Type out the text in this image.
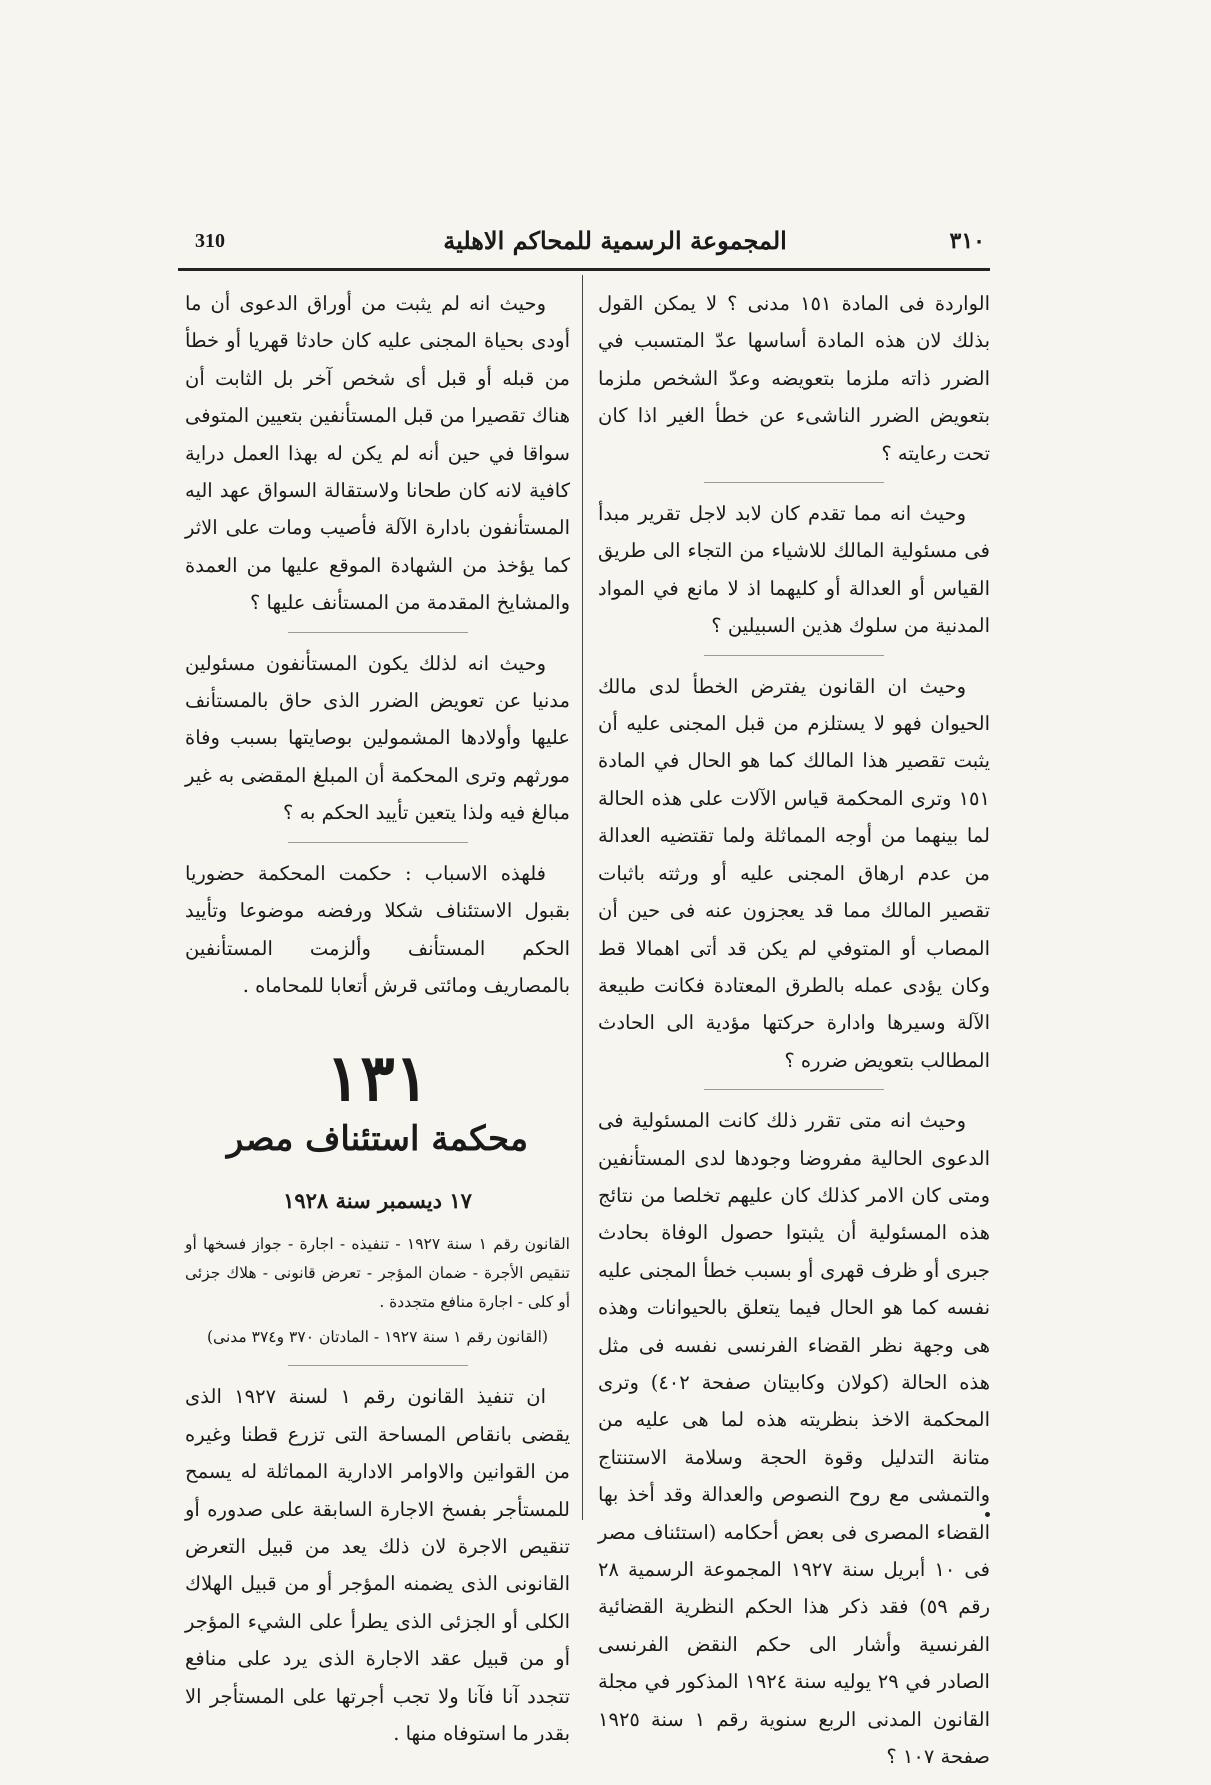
310	المجموعة الرسمية للمحاكم الاهلية	٣١٠

الواردة فى المادة ١٥١ مدنى ؟ لا يمكن القول بذلك لان هذه المادة أساسها عدّ المتسبب في الضرر ذاته ملزما بتعويضه وعدّ الشخص ملزما بتعويض الضرر الناشىء عن خطأ الغير اذا كان تحت رعايته ؟

وحيث انه مما تقدم كان لابد لاجل تقرير مبدأ فى مسئولية المالك للاشياء من التجاء الى طريق القياس أو العدالة أو كليهما اذ لا مانع في المواد المدنية من سلوك هذين السبيلين ؟

وحيث ان القانون يفترض الخطأ لدى مالك الحيوان فهو لا يستلزم من قبل المجنى عليه أن يثبت تقصير هذا المالك كما هو الحال في المادة ١٥١ وترى المحكمة قياس الآلات على هذه الحالة لما بينهما من أوجه المماثلة ولما تقتضيه العدالة من عدم ارهاق المجنى عليه أو ورثته باثبات تقصير المالك مما قد يعجزون عنه فى حين أن المصاب أو المتوفي لم يكن قد أتى اهمالا قط وكان يؤدى عمله بالطرق المعتادة فكانت طبيعة الآلة وسيرها وادارة حركتها مؤدية الى الحادث المطالب بتعويض ضرره ؟

وحيث انه متى تقرر ذلك كانت المسئولية فى الدعوى الحالية مفروضا وجودها لدى المستأنفين ومتى كان الامر كذلك كان عليهم تخلصا من نتائج هذه المسئولية أن يثبتوا حصول الوفاة بحادث جبرى أو ظرف قهرى أو بسبب خطأ المجنى عليه نفسه كما هو الحال فيما يتعلق بالحيوانات وهذه هى وجهة نظر القضاء الفرنسى نفسه فى مثل هذه الحالة (كولان وكابيتان صفحة ٤٠٢) وترى المحكمة الاخذ بنظريته هذه لما هى عليه من متانة التدليل وقوة الحجة وسلامة الاستنتاج والتمشى مع روح النصوص والعدالة وقد أخذ بها القضاء المصرى فى بعض أحكامه (استئناف مصر فى ١٠ أبريل سنة ١٩٢٧ المجموعة الرسمية ٢٨ رقم ٥٩) فقد ذكر هذا الحكم النظرية القضائية الفرنسية وأشار الى حكم النقض الفرنسى الصادر في ٢٩ يوليه سنة ١٩٢٤ المذكور في مجلة القانون المدنى الربع سنوية رقم ١ سنة ١٩٢٥ صفحة ١٠٧ ؟

وحيث انه لم يثبت من أوراق الدعوى أن ما أودى بحياة المجنى عليه كان حادثا قهريا أو خطأ من قبله أو قبل أى شخص آخر بل الثابت أن هناك تقصيرا من قبل المستأنفين بتعيين المتوفى سواقا في حين أنه لم يكن له بهذا العمل دراية كافية لانه كان طحانا ولاستقالة السواق عهد اليه المستأنفون بادارة الآلة فأصيب ومات على الاثر كما يؤخذ من الشهادة الموقع عليها من العمدة والمشايخ المقدمة من المستأنف عليها ؟

وحيث انه لذلك يكون المستأنفون مسئولين مدنيا عن تعويض الضرر الذى حاق بالمستأنف عليها وأولادها المشمولين بوصايتها بسبب وفاة مورثهم وترى المحكمة أن المبلغ المقضى به غير مبالغ فيه ولذا يتعين تأييد الحكم به ؟

فلهذه الاسباب : حكمت المحكمة حضوريا بقبول الاستئناف شكلا ورفضه موضوعا وتأييد الحكم المستأنف وألزمت المستأنفين بالمصاريف ومائتى قرش أتعابا للمحاماه .

١٣١
محكمة استئناف مصر
١٧ ديسمبر سنة ١٩٢٨

القانون رقم ١ سنة ١٩٢٧ - تنفيذه - اجارة - جواز فسخها أو تنقيص الأجرة - ضمان المؤجر - تعرض قانونى - هلاك جزئى أو كلى - اجارة منافع متجددة .

(القانون رقم ١ سنة ١٩٢٧ - المادتان ٣٧٠ و٣٧٤ مدنى)

ان تنفيذ القانون رقم ١ لسنة ١٩٢٧ الذى يقضى بانقاص المساحة التى تزرع قطنا وغيره من القوانين والاوامر الادارية المماثلة له يسمح للمستأجر بفسخ الاجارة السابقة على صدوره أو تنقيص الاجرة لان ذلك يعد من قبيل التعرض القانونى الذى يضمنه المؤجر أو من قبيل الهلاك الكلى أو الجزئى الذى يطرأ على الشيء المؤجر أو من قبيل عقد الاجارة الذى يرد على منافع تتجدد آنا فآنا ولا تجب أجرتها على المستأجر الا بقدر ما استوفاه منها .
